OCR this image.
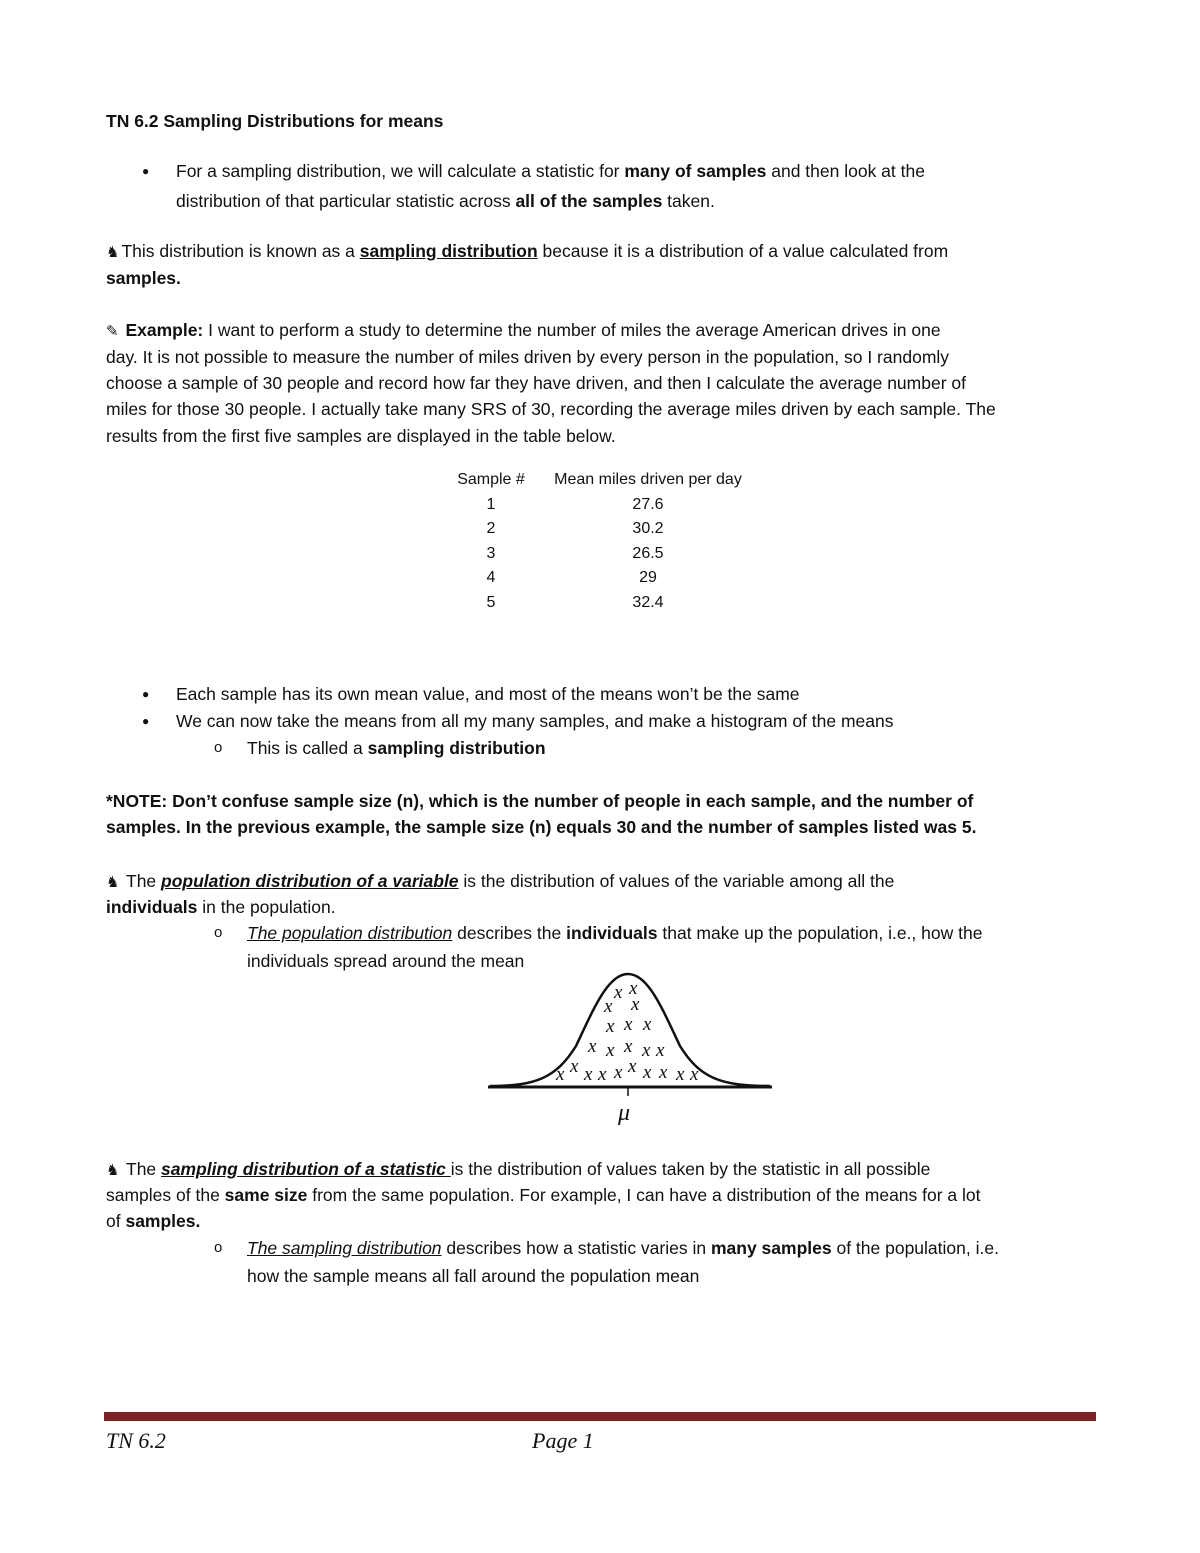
TN 6.2 Sampling Distributions for means
● For a sampling distribution, we will calculate a statistic for many of samples and then look at the
distribution of that particular statistic across all of the samples taken.
♞ This distribution is known as a sampling distribution because it is a distribution of a value calculated from
samples.
✎ Example: I want to perform a study to determine the number of miles the average American drives in one
day. It is not possible to measure the number of miles driven by every person in the population, so I randomly
choose a sample of 30 people and record how far they have driven, and then I calculate the average number of
miles for those 30 people. I actually take many SRS of 30, recording the average miles driven by each sample. The
results from the first five samples are displayed in the table below.
Sample #	Mean miles driven per day
1	27.6
2	30.2
3	26.5
4	29
5	32.4
● Each sample has its own mean value, and most of the means won’t be the same
● We can now take the means from all my many samples, and make a histogram of the means
o This is called a sampling distribution
*NOTE: Don’t confuse sample size (n), which is the number of people in each sample, and the number of
samples. In the previous example, the sample size (n) equals 30 and the number of samples listed was 5.
♞ The population distribution of a variable is the distribution of values of the variable among all the
individuals in the population.
o The population distribution describes the individuals that make up the population, i.e., how the
individuals spread around the mean
x x
x x
x x x
x x x x x
x x x x x x x x x x
μ
♞ The sampling distribution of a statistic is the distribution of values taken by the statistic in all possible
samples of the same size from the same population. For example, I can have a distribution of the means for a lot
of samples.
o The sampling distribution describes how a statistic varies in many samples of the population, i.e.
how the sample means all fall around the population mean
TN 6.2	Page 1
